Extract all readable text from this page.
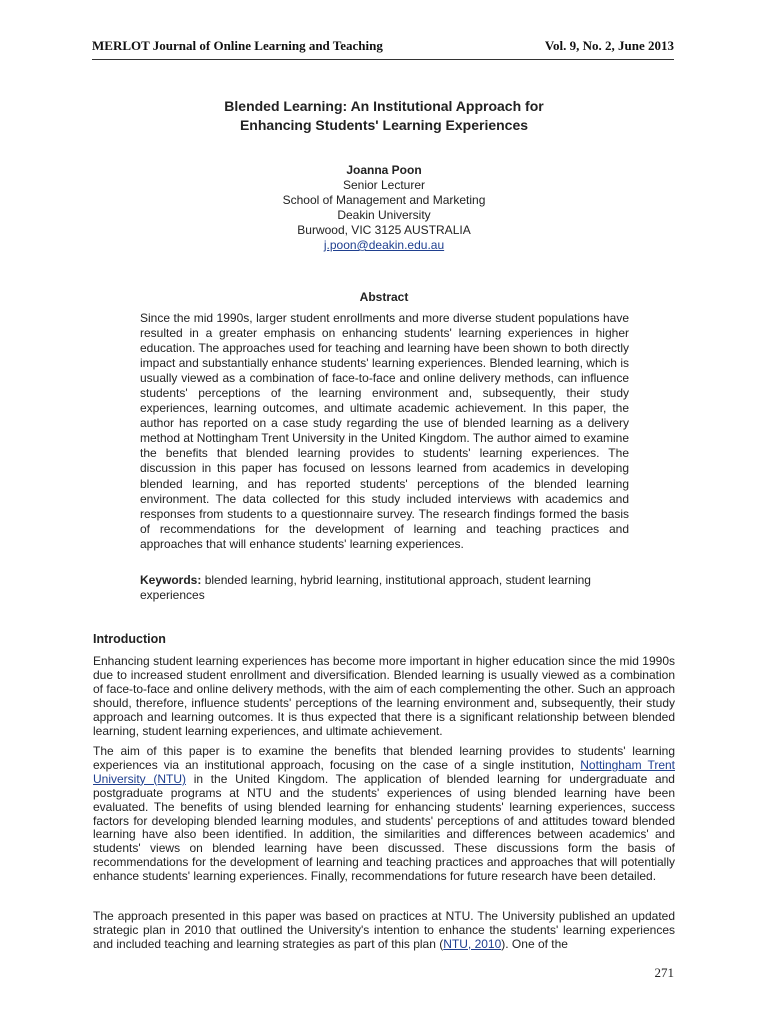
MERLOT Journal of Online Learning and Teaching	Vol. 9, No. 2, June 2013
Blended Learning: An Institutional Approach for
Enhancing Students' Learning Experiences
Joanna Poon
Senior Lecturer
School of Management and Marketing
Deakin University
Burwood, VIC 3125 AUSTRALIA
j.poon@deakin.edu.au
Abstract
Since the mid 1990s, larger student enrollments and more diverse student populations have resulted in a greater emphasis on enhancing students' learning experiences in higher education. The approaches used for teaching and learning have been shown to both directly impact and substantially enhance students' learning experiences. Blended learning, which is usually viewed as a combination of face-to-face and online delivery methods, can influence students' perceptions of the learning environment and, subsequently, their study experiences, learning outcomes, and ultimate academic achievement. In this paper, the author has reported on a case study regarding the use of blended learning as a delivery method at Nottingham Trent University in the United Kingdom. The author aimed to examine the benefits that blended learning provides to students' learning experiences. The discussion in this paper has focused on lessons learned from academics in developing blended learning, and has reported students' perceptions of the blended learning environment. The data collected for this study included interviews with academics and responses from students to a questionnaire survey. The research findings formed the basis of recommendations for the development of learning and teaching practices and approaches that will enhance students' learning experiences.
Keywords: blended learning, hybrid learning, institutional approach, student learning experiences
Introduction
Enhancing student learning experiences has become more important in higher education since the mid 1990s due to increased student enrollment and diversification. Blended learning is usually viewed as a combination of face-to-face and online delivery methods, with the aim of each complementing the other. Such an approach should, therefore, influence students' perceptions of the learning environment and, subsequently, their study approach and learning outcomes. It is thus expected that there is a significant relationship between blended learning, student learning experiences, and ultimate achievement.
The aim of this paper is to examine the benefits that blended learning provides to students' learning experiences via an institutional approach, focusing on the case of a single institution, Nottingham Trent University (NTU) in the United Kingdom. The application of blended learning for undergraduate and postgraduate programs at NTU and the students' experiences of using blended learning have been evaluated. The benefits of using blended learning for enhancing students' learning experiences, success factors for developing blended learning modules, and students' perceptions of and attitudes toward blended learning have also been identified. In addition, the similarities and differences between academics' and students' views on blended learning have been discussed. These discussions form the basis of recommendations for the development of learning and teaching practices and approaches that will potentially enhance students' learning experiences. Finally, recommendations for future research have been detailed.
The approach presented in this paper was based on practices at NTU. The University published an updated strategic plan in 2010 that outlined the University's intention to enhance the students' learning experiences and included teaching and learning strategies as part of this plan (NTU, 2010). One of the
271
